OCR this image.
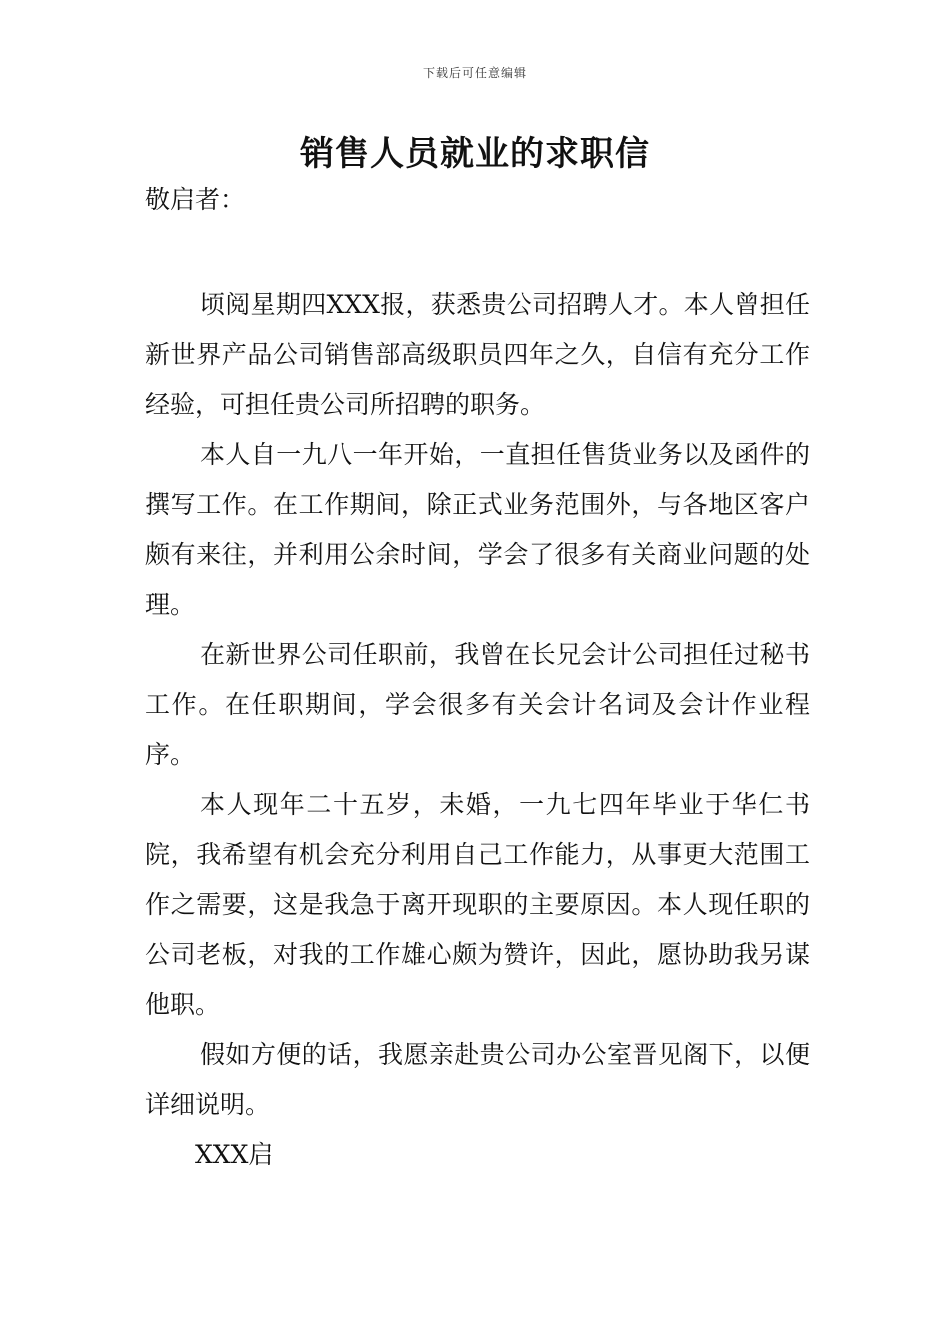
下载后可任意编辑
销售人员就业的求职信
敬启者：

顷阅星期四XXX报，获悉贵公司招聘人才。本人曾担任新世界产品公司销售部高级职员四年之久，自信有充分工作经验，可担任贵公司所招聘的职务。

本人自一九八一年开始，一直担任售货业务以及函件的撰写工作。在工作期间，除正式业务范围外，与各地区客户颇有来往，并利用公余时间，学会了很多有关商业问题的处理。

在新世界公司任职前，我曾在长兄会计公司担任过秘书工作。在任职期间，学会很多有关会计名词及会计作业程序。

本人现年二十五岁，未婚，一九七四年毕业于华仁书院，我希望有机会充分利用自己工作能力，从事更大范围工作之需要，这是我急于离开现职的主要原因。本人现任职的公司老板，对我的工作雄心颇为赞许，因此，愿协助我另谋他职。

假如方便的话，我愿亲赴贵公司办公室晋见阁下，以便详细说明。

XXX启
